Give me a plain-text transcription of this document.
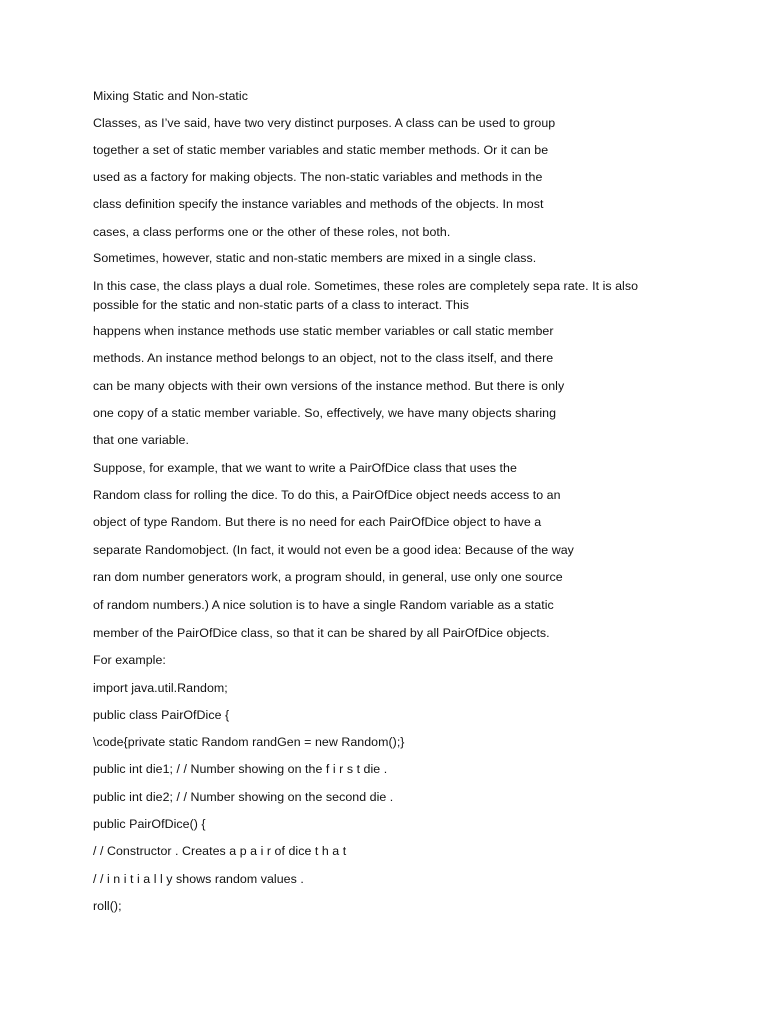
Mixing Static and Non-static
Classes, as I’ve said, have two very distinct purposes. A class can be used to group
together a set of static member variables and static member methods. Or it can be
used as a factory for making objects. The non-static variables and methods in the
class definition specify the instance variables and methods of the objects. In most
cases, a class performs one or the other of these roles, not both.
Sometimes, however, static and non-static members are mixed in a single class.
In this case, the class plays a dual role. Sometimes, these roles are completely sepa rate. It is also
possible for the static and non-static parts of a class to interact. This
happens when instance methods use static member variables or call static member
methods. An instance method belongs to an object, not to the class itself, and there
can be many objects with their own versions of the instance method. But there is only
one copy of a static member variable. So, effectively, we have many objects sharing
that one variable.
Suppose, for example, that we want to write a PairOfDice class that uses the
Random class for rolling the dice. To do this, a PairOfDice object needs access to an
object of type Random. But there is no need for each PairOfDice object to have a
separate Randomobject. (In fact, it would not even be a good idea: Because of the way
ran dom number generators work, a program should, in general, use only one source
of random numbers.) A nice solution is to have a single Random variable as a static
member of the PairOfDice class, so that it can be shared by all PairOfDice objects.
For example:
import java.util.Random;
public class PairOfDice {
\code{private static Random randGen = new Random();}
public int die1; / / Number showing on the f i r s t die .
public int die2; / / Number showing on the second die .
public PairOfDice() {
/ / Constructor . Creates a p a i r of dice t h a t
/ / i n i t i a l l y shows random values .
roll();
